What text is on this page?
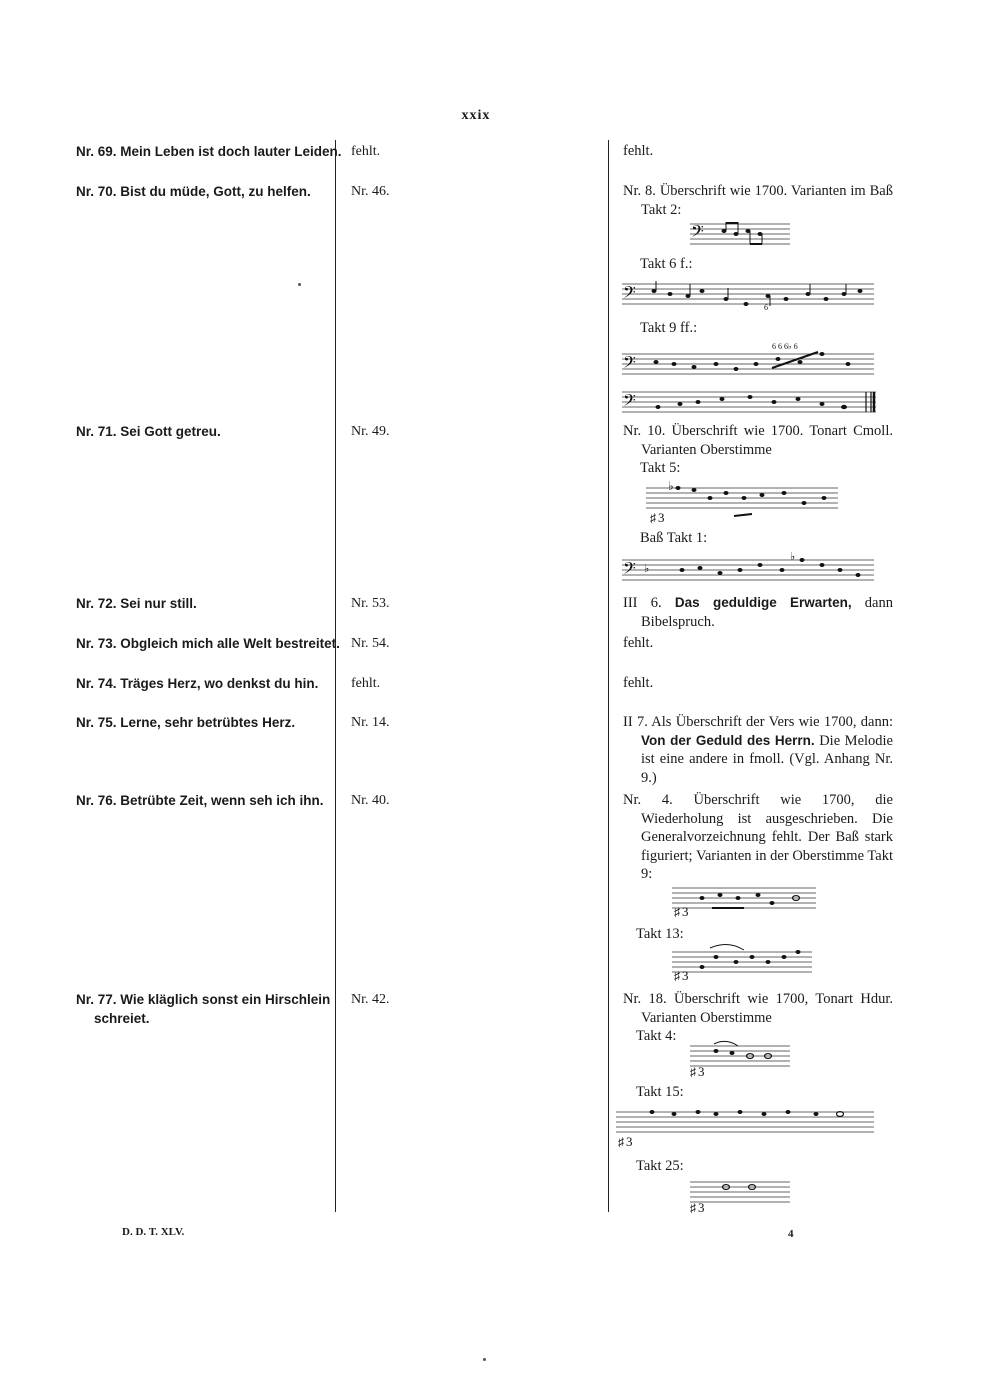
xxix
Nr. 69. Mein Leben ist doch lauter Leiden.
Nr. 70. Bist du müde, Gott, zu helfen.
Nr. 71. Sei Gott getreu.
Nr. 72. Sei nur still.
Nr. 73. Obgleich mich alle Welt bestreitet.
Nr. 74. Träges Herz, wo denkst du hin.
Nr. 75. Lerne, sehr betrübtes Herz.
Nr. 76. Betrübte Zeit, wenn seh ich ihn.
Nr. 77. Wie kläglich sonst ein Hirschlein schreiet.
fehlt.
Nr. 46.
Nr. 49.
Nr. 53.
Nr. 54.
fehlt.
Nr. 14.
Nr. 40.
Nr. 42.
fehlt.
Nr. 8. Überschrift wie 1700. Varianten im Baß Takt 2:
𝄢
Takt 6 f.:
𝄢
6
Takt 9 ff.:
6 6 6♭ 6
𝄢
𝄢
Nr. 10. Überschrift wie 1700. Tonart Cmoll. Varianten Oberstimme
Takt 5:
♯ 3
♭
Baß Takt 1:
𝄢 ♭
♭
III 6. Das geduldige Erwarten, dann Bibelspruch.
fehlt.
fehlt.
II 7. Als Überschrift der Vers wie 1700, dann: Von der Geduld des Herrn. Die Melodie ist eine andere in fmoll. (Vgl. Anhang Nr. 9.)
Nr. 4. Überschrift wie 1700, die Wiederholung ist ausgeschrieben. Die Generalvorzeichnung fehlt. Der Baß stark figuriert; Varianten in der Oberstimme Takt 9:
♯ 3
Takt 13:
♯ 3
Nr. 18. Überschrift wie 1700, Tonart Hdur. Varianten Oberstimme
Takt 4:
♯ 3
Takt 15:
♯ 3
Takt 25:
♯ 3
D. D. T. XLV.	4
